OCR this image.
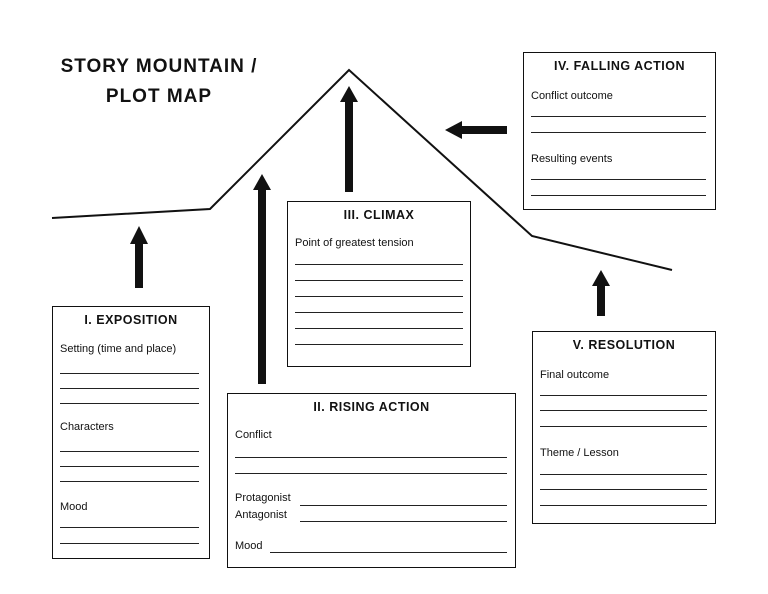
STORY MOUNTAIN /
PLOT MAP
I. EXPOSITION
Setting (time and place)
Characters
Mood
II. RISING ACTION
Conflict
Protagonist
Antagonist
Mood
III. CLIMAX
Point of greatest tension
IV. FALLING ACTION
Conflict outcome
Resulting events
V. RESOLUTION
Final outcome
Theme / Lesson
